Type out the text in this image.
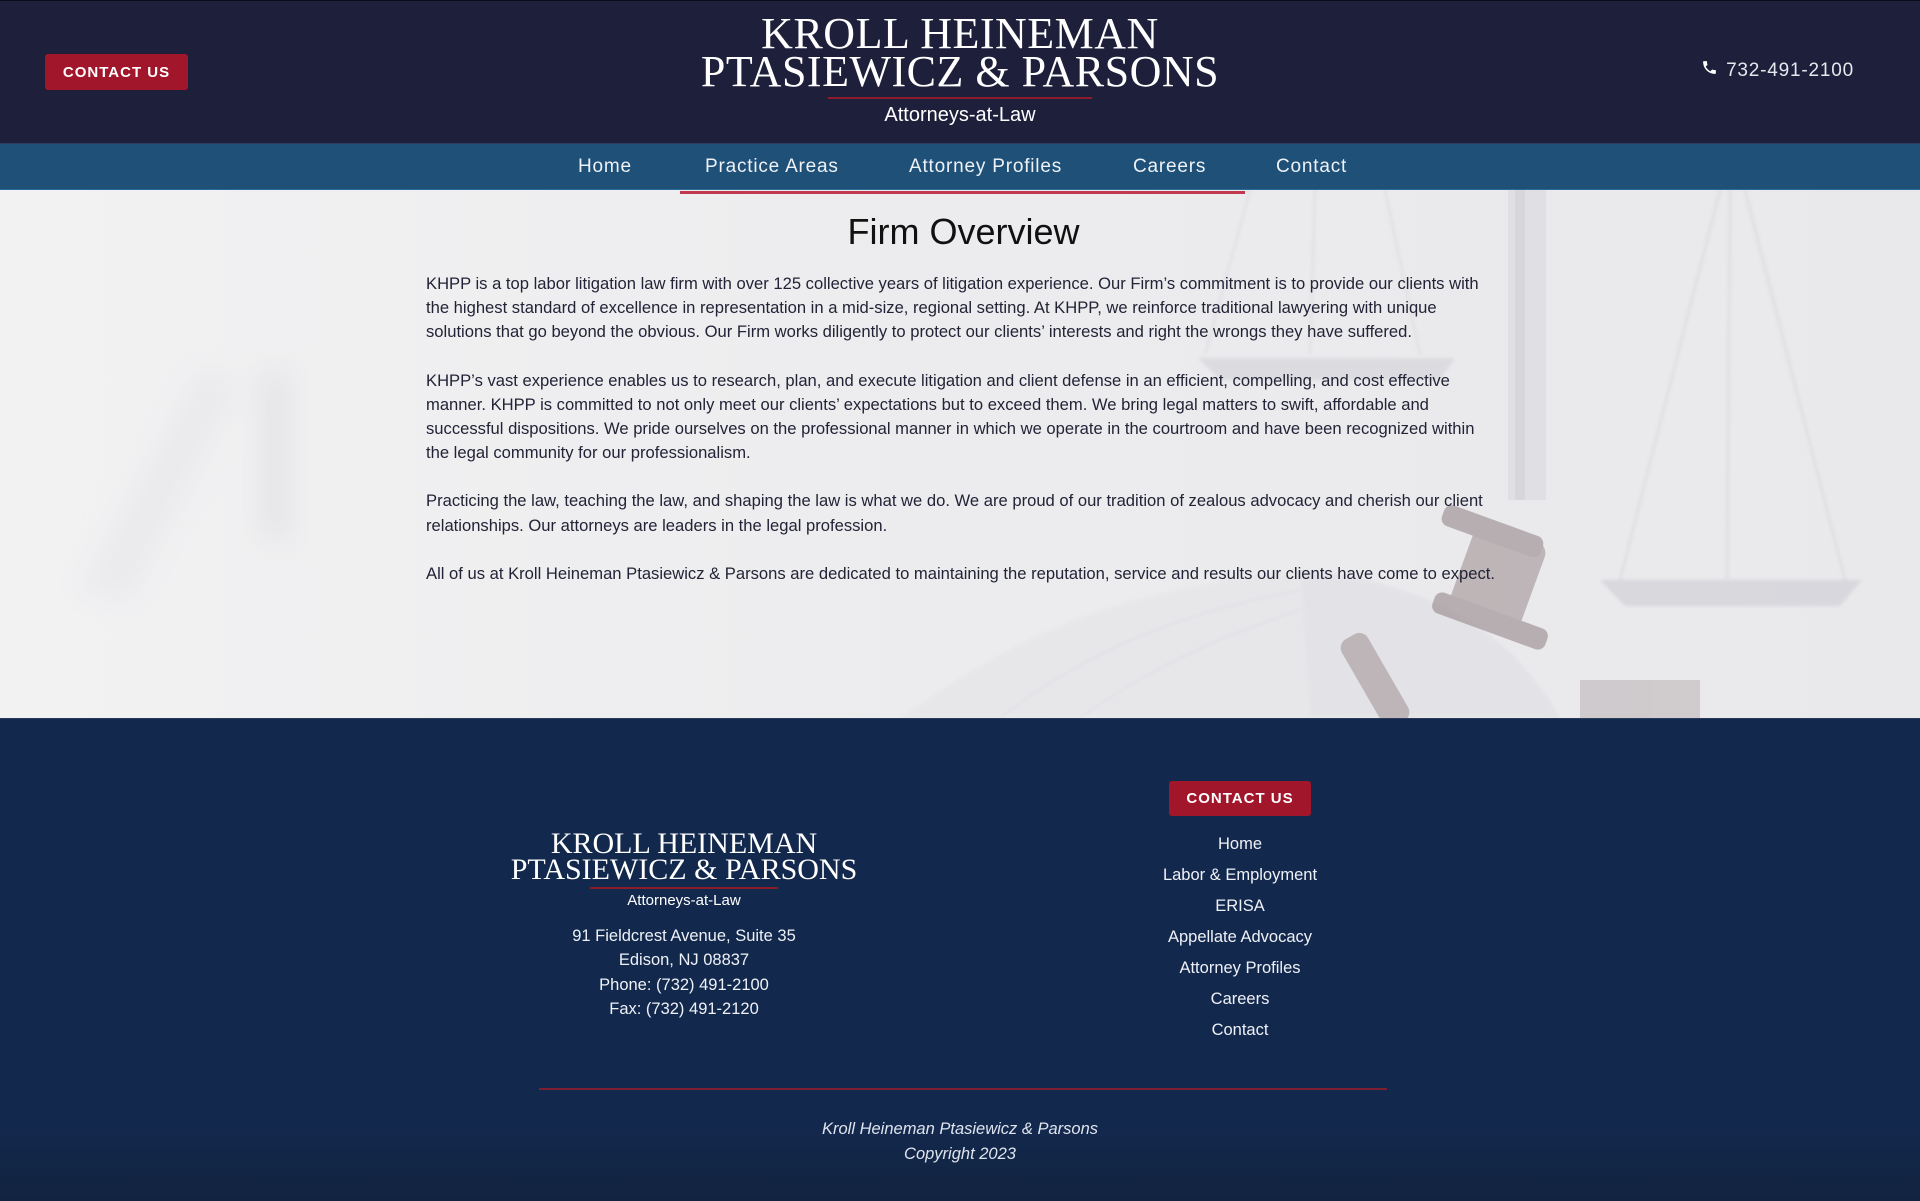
CONTACT US
KROLL HEINEMAN
PTASIEWICZ & PARSONS
Attorneys-at-Law
732-491-2100
Home	Practice Areas	Attorney Profiles	Careers	Contact
Firm Overview

KHPP is a top labor litigation law firm with over 125 collective years of litigation experience. Our Firm’s commitment is to provide our clients with the highest standard of excellence in representation in a mid-size, regional setting. At KHPP, we reinforce traditional lawyering with unique solutions that go beyond the obvious. Our Firm works diligently to protect our clients’ interests and right the wrongs they have suffered.

KHPP’s vast experience enables us to research, plan, and execute litigation and client defense in an efficient, compelling, and cost effective manner. KHPP is committed to not only meet our clients’ expectations but to exceed them. We bring legal matters to swift, affordable and successful dispositions. We pride ourselves on the professional manner in which we operate in the courtroom and have been recognized within the legal community for our professionalism.

Practicing the law, teaching the law, and shaping the law is what we do. We are proud of our tradition of zealous advocacy and cherish our client relationships. Our attorneys are leaders in the legal profession.

All of us at Kroll Heineman Ptasiewicz & Parsons are dedicated to maintaining the reputation, service and results our clients have come to expect.

KROLL HEINEMAN
PTASIEWICZ & PARSONS
Attorneys-at-Law
91 Fieldcrest Avenue, Suite 35
Edison, NJ 08837
Phone: (732) 491-2100
Fax: (732) 491-2120
CONTACT US
Home
Labor & Employment
ERISA
Appellate Advocacy
Attorney Profiles
Careers
Contact
Kroll Heineman Ptasiewicz & Parsons
Copyright 2023
